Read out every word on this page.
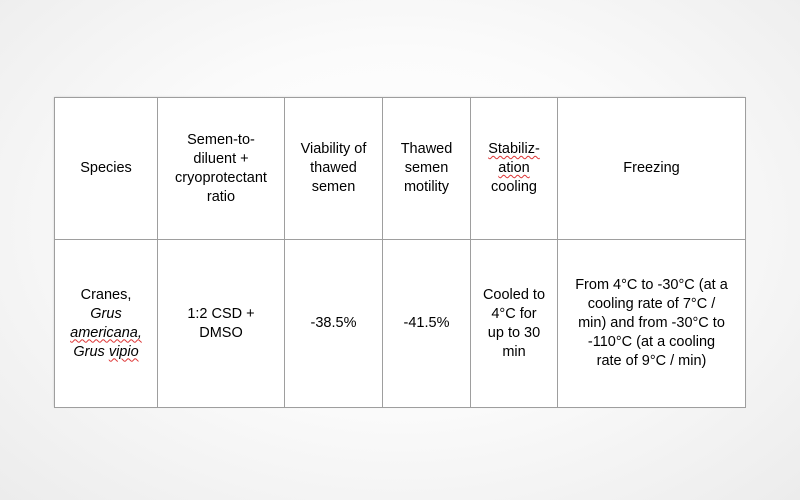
Species	Semen-to-
diluent +
cryoprotectant
ratio	Viability of
thawed
semen	Thawed
semen
motility	Stabiliz-
ation
cooling	Freezing

Cranes,
Grus
americana,
Grus vipio	1:2 CSD +
DMSO	-38.5%	-41.5%	Cooled to
4°C for
up to 30
min	From 4°C to -30°C (at a
cooling rate of 7°C /
min) and from -30°C to
-110°C (at a cooling
rate of 9°C / min)
